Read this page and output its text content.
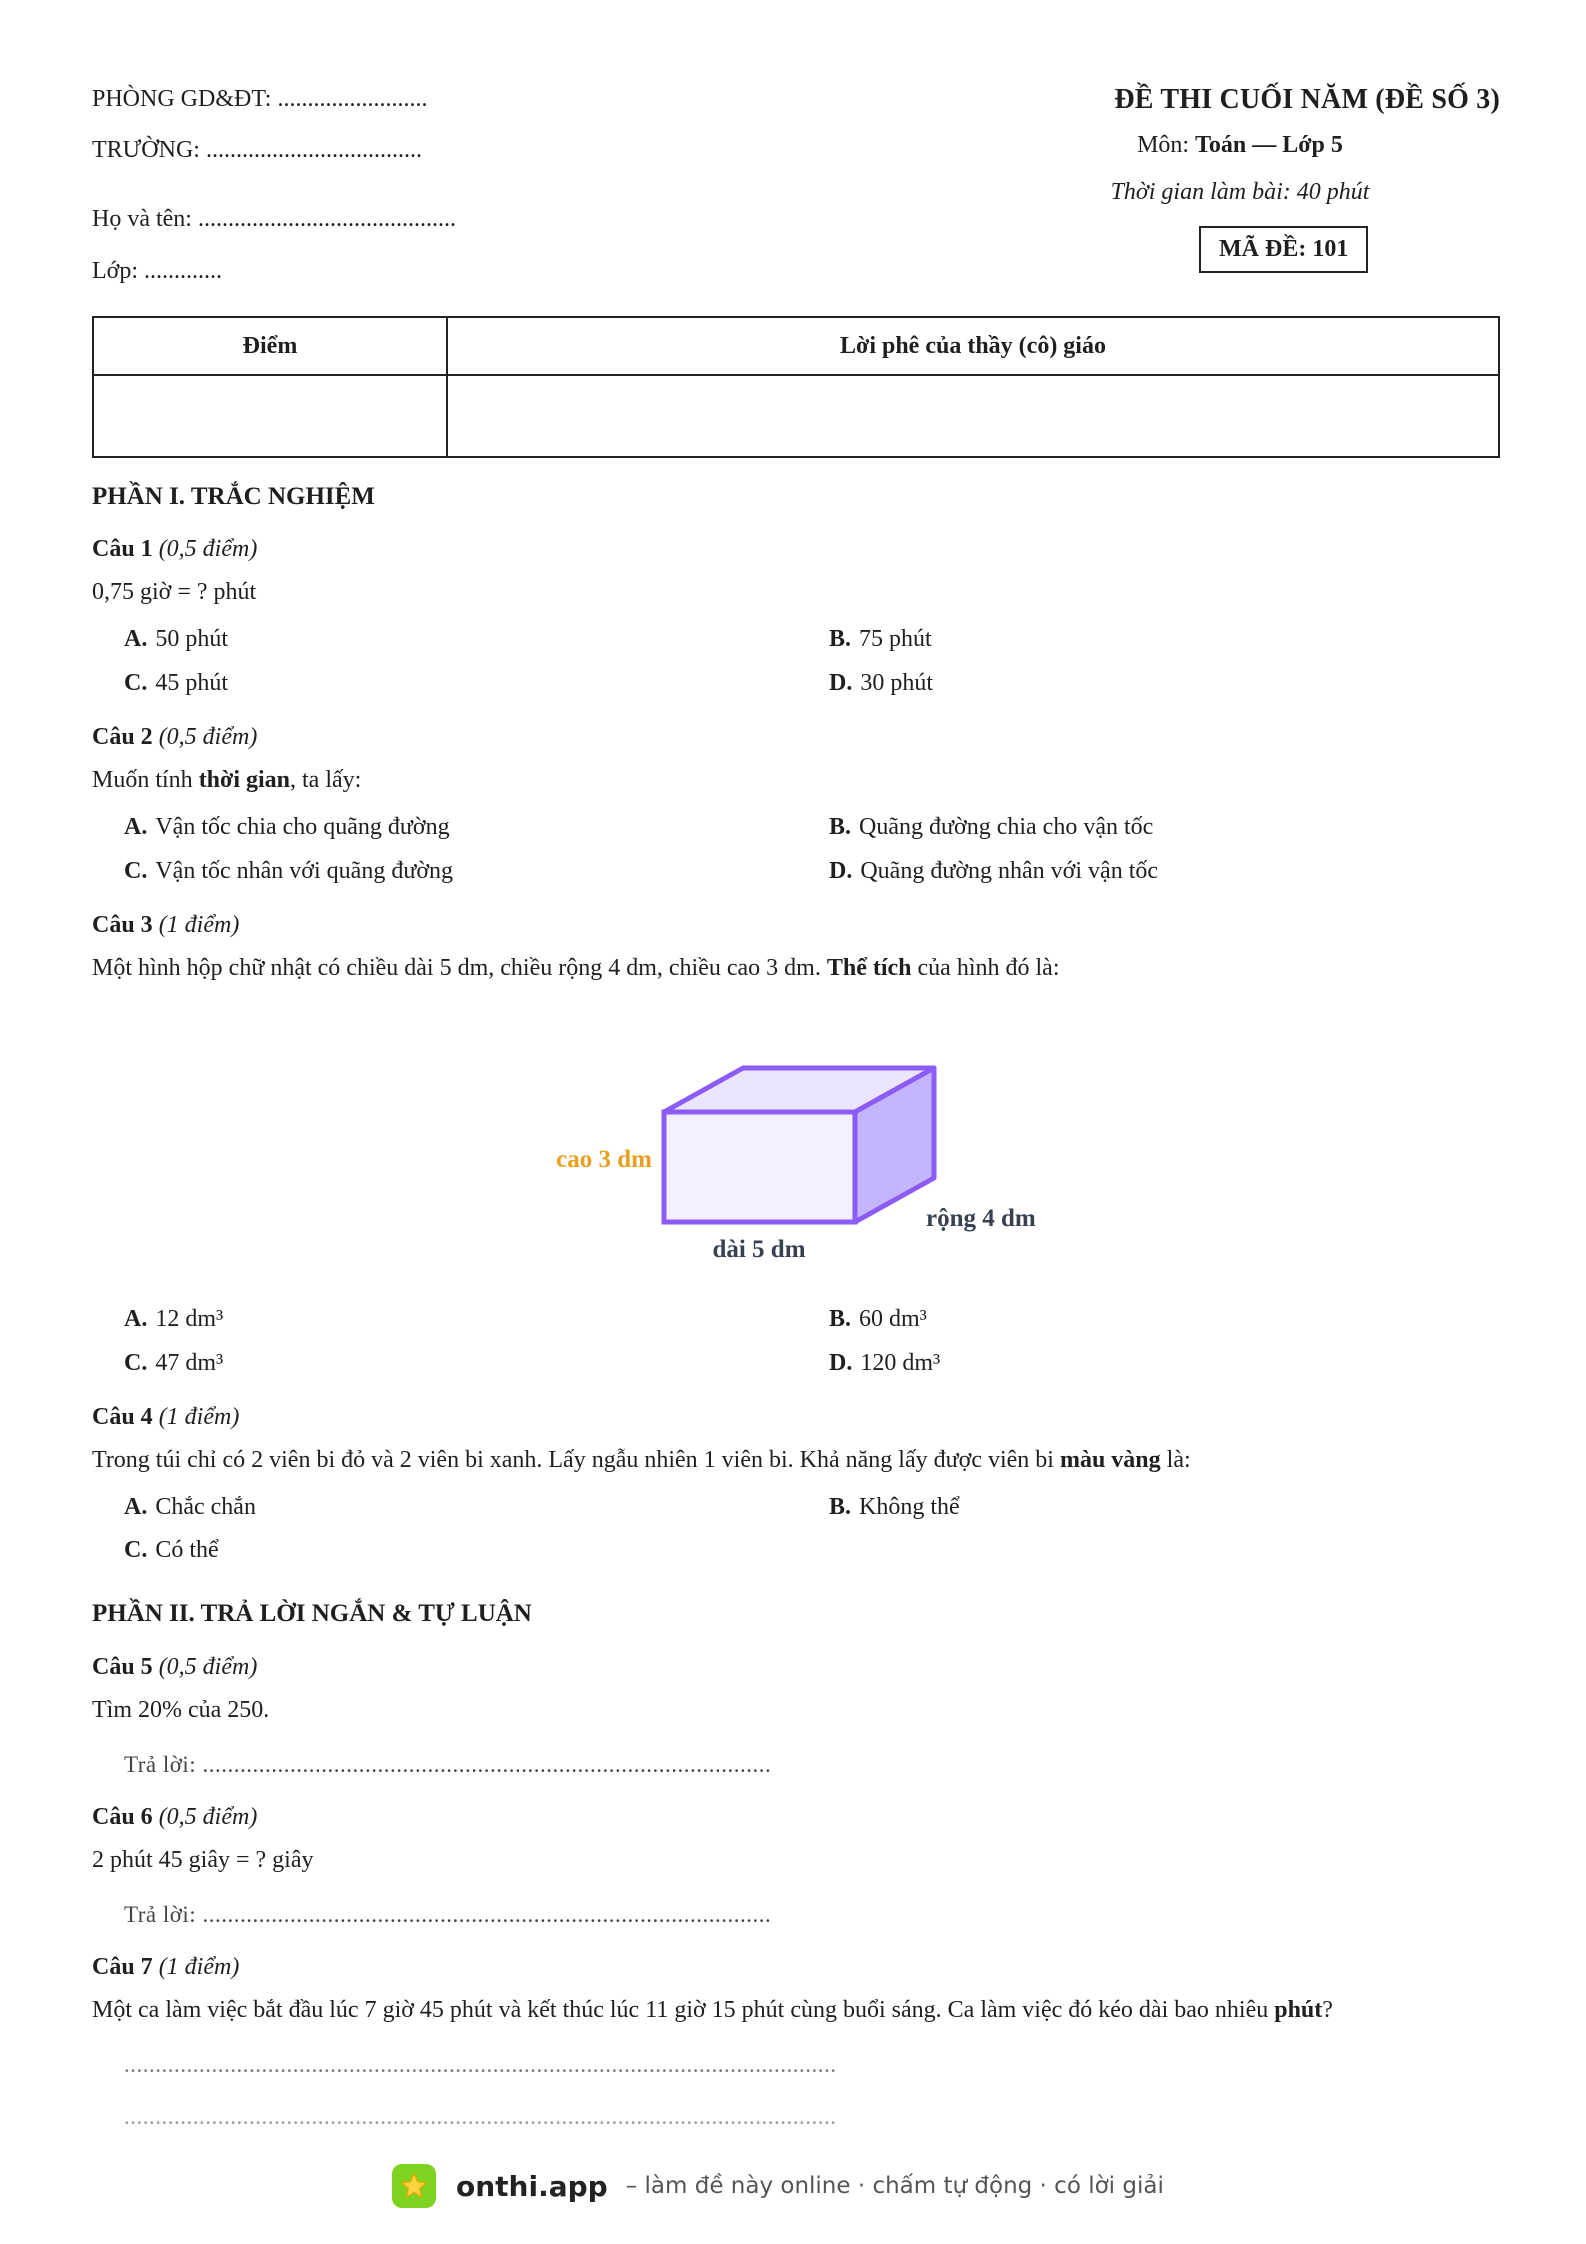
PHÒNG GD&ĐT: .........................
TRƯỜNG: ....................................
Họ và tên: ...........................................
Lớp: .............
ĐỀ THI CUỐI NĂM (ĐỀ SỐ 3)
Môn: Toán — Lớp 5
Thời gian làm bài: 40 phút
MÃ ĐỀ: 101
Điểm	Lời phê của thầy (cô) giáo

PHẦN I. TRẮC NGHIỆM
Câu 1 (0,5 điểm)
0,75 giờ = ? phút
A. 50 phút	B. 75 phút
C. 45 phút	D. 30 phút
Câu 2 (0,5 điểm)
Muốn tính thời gian, ta lấy:
A. Vận tốc chia cho quãng đường	B. Quãng đường chia cho vận tốc
C. Vận tốc nhân với quãng đường	D. Quãng đường nhân với vận tốc
Câu 3 (1 điểm)
Một hình hộp chữ nhật có chiều dài 5 dm, chiều rộng 4 dm, chiều cao 3 dm. Thể tích của hình đó là:
cao 3 dm
dài 5 dm
rộng 4 dm
A. 12 dm³	B. 60 dm³
C. 47 dm³	D. 120 dm³
Câu 4 (1 điểm)
Trong túi chỉ có 2 viên bi đỏ và 2 viên bi xanh. Lấy ngẫu nhiên 1 viên bi. Khả năng lấy được viên bi màu vàng là:
A. Chắc chắn	B. Không thể
C. Có thể
PHẦN II. TRẢ LỜI NGẮN & TỰ LUẬN
Câu 5 (0,5 điểm)
Tìm 20% của 250.
Trả lời: ...........................................................................................
Câu 6 (0,5 điểm)
2 phút 45 giây = ? giây
Trả lời: ...........................................................................................
Câu 7 (1 điểm)
Một ca làm việc bắt đầu lúc 7 giờ 45 phút và kết thúc lúc 11 giờ 15 phút cùng buổi sáng. Ca làm việc đó kéo dài bao nhiêu phút?
..................................................................................................................
..................................................................................................................
onthi.app – làm đề này online · chấm tự động · có lời giải
